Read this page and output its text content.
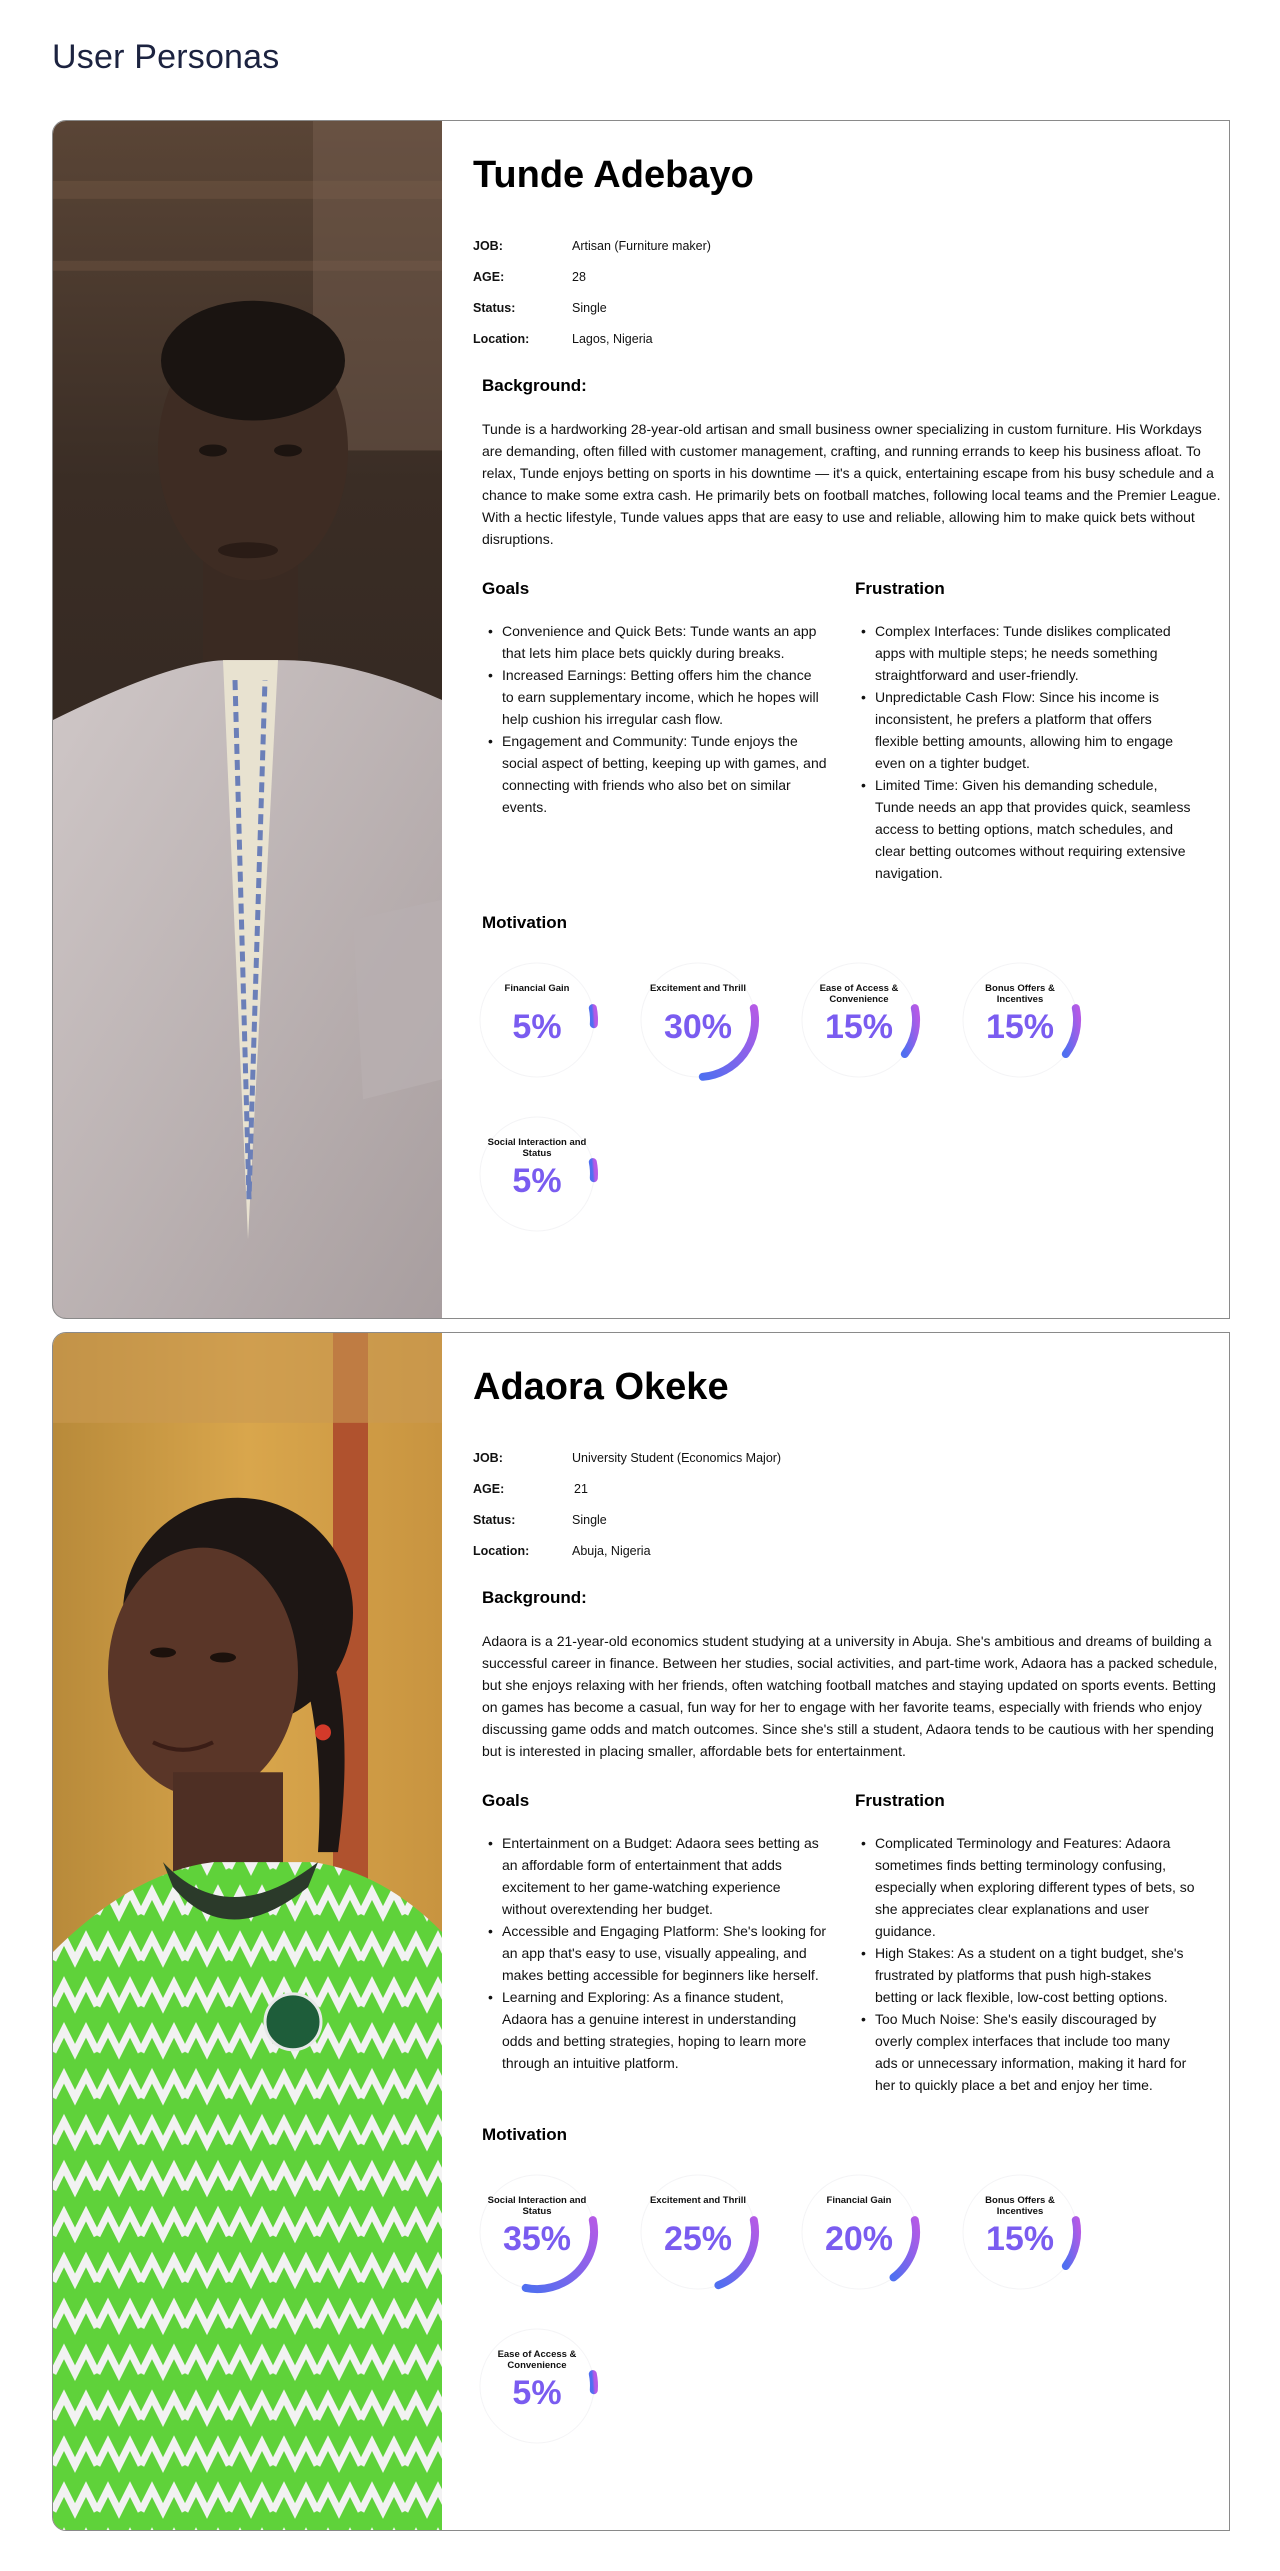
User Personas
Tunde Adebayo
JOB:	Artisan (Furniture maker)
AGE:	28
Status:	Single
Location:	Lagos, Nigeria
Background:
Tunde is a hardworking 28-year-old artisan and small business owner specializing in custom furniture. His Workdays are demanding, often filled with customer management, crafting, and running errands to keep his business afloat. To relax, Tunde enjoys betting on sports in his downtime — it's a quick, entertaining escape from his busy schedule and a chance to make some extra cash. He primarily bets on football matches, following local teams and the Premier League. With a hectic lifestyle, Tunde values apps that are easy to use and reliable, allowing him to make quick bets without disruptions.
Goals
• Convenience and Quick Bets: Tunde wants an app that lets him place bets quickly during breaks.
• Increased Earnings: Betting offers him the chance to earn supplementary income, which he hopes will help cushion his irregular cash flow.
• Engagement and Community: Tunde enjoys the social aspect of betting, keeping up with games, and connecting with friends who also bet on similar events.
Frustration
• Complex Interfaces: Tunde dislikes complicated apps with multiple steps; he needs something straightforward and user-friendly.
• Unpredictable Cash Flow: Since his income is inconsistent, he prefers a platform that offers flexible betting amounts, allowing him to engage even on a tighter budget.
• Limited Time: Given his demanding schedule, Tunde needs an app that provides quick, seamless access to betting options, match schedules, and clear betting outcomes without requiring extensive navigation.
Motivation
Financial Gain
5%
Excitement and Thrill
30%
Ease of Access & Convenience
15%
Bonus Offers & Incentives
15%
Social Interaction and Status
5%
Adaora Okeke
JOB:	University Student (Economics Major)
AGE:	21
Status:	Single
Location:	Abuja, Nigeria
Background:
Adaora is a 21-year-old economics student studying at a university in Abuja. She's ambitious and dreams of building a successful career in finance. Between her studies, social activities, and part-time work, Adaora has a packed schedule, but she enjoys relaxing with her friends, often watching football matches and staying updated on sports events. Betting on games has become a casual, fun way for her to engage with her favorite teams, especially with friends who enjoy discussing game odds and match outcomes. Since she's still a student, Adaora tends to be cautious with her spending but is interested in placing smaller, affordable bets for entertainment.
Goals
• Entertainment on a Budget: Adaora sees betting as an affordable form of entertainment that adds excitement to her game-watching experience without overextending her budget.
• Accessible and Engaging Platform: She's looking for an app that's easy to use, visually appealing, and makes betting accessible for beginners like herself.
• Learning and Exploring: As a finance student, Adaora has a genuine interest in understanding odds and betting strategies, hoping to learn more through an intuitive platform.
Frustration
• Complicated Terminology and Features: Adaora sometimes finds betting terminology confusing, especially when exploring different types of bets, so she appreciates clear explanations and user guidance.
• High Stakes: As a student on a tight budget, she's frustrated by platforms that push high-stakes betting or lack flexible, low-cost betting options.
• Too Much Noise: She's easily discouraged by overly complex interfaces that include too many ads or unnecessary information, making it hard for her to quickly place a bet and enjoy her time.
Motivation
Social Interaction and Status
35%
Excitement and Thrill
25%
Financial Gain
20%
Bonus Offers & Incentives
15%
Ease of Access & Convenience
5%
